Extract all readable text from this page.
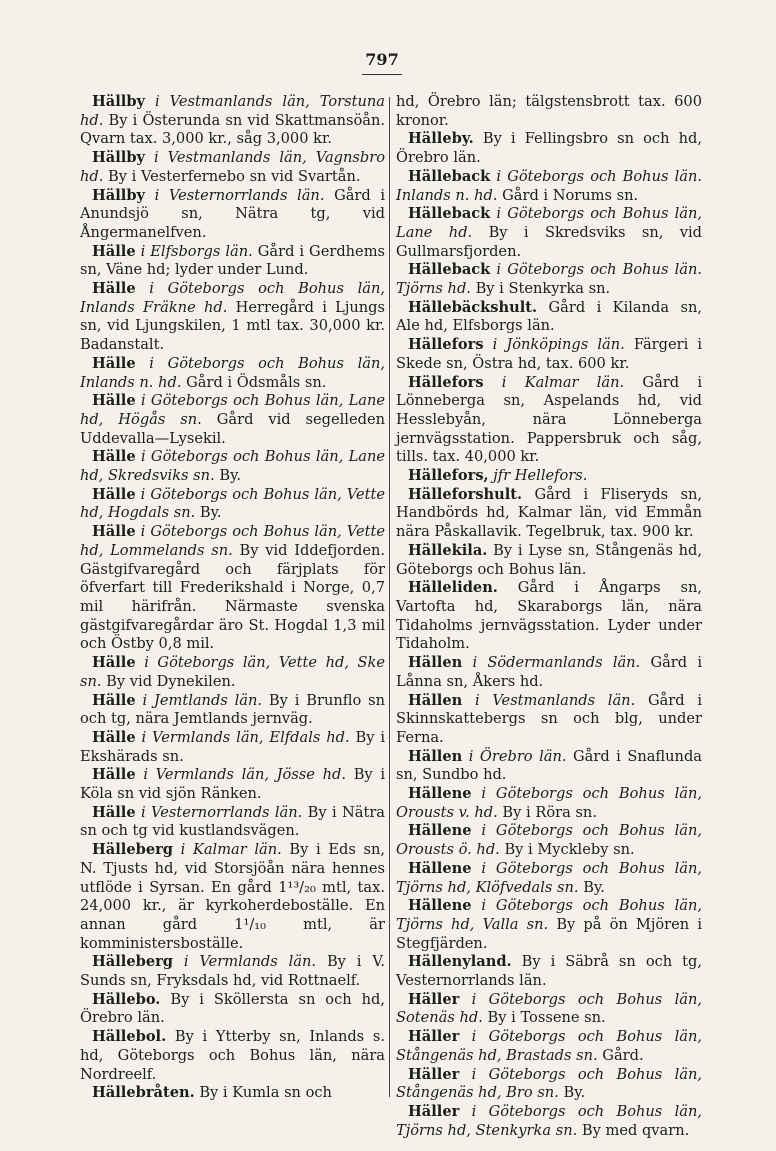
797
Hällby i Vestmanlands län, Torstuna hd. By i Österunda sn vid Skattmansöån. Qvarn tax. 3,000 kr., såg 3,000 kr.
Hällby i Vestmanlands län, Vagnsbro hd. By i Vesterfernebo sn vid Svartån.
Hällby i Vesternorrlands län. Gård i Anundsjö sn, Nätra tg, vid Ångermanelfven.
Hälle i Elfsborgs län. Gård i Gerdhems sn, Väne hd; lyder under Lund.
Hälle i Göteborgs och Bohus län, Inlands Fräkne hd. Herregård i Ljungs sn, vid Ljungskilen, 1 mtl tax. 30,000 kr. Badanstalt.
Hälle i Göteborgs och Bohus län, Inlands n. hd. Gård i Ödsmåls sn.
Hälle i Göteborgs och Bohus län, Lane hd, Högås sn. Gård vid segelleden Uddevalla—Lysekil.
Hälle i Göteborgs och Bohus län, Lane hd, Skredsviks sn. By.
Hälle i Göteborgs och Bohus län, Vette hd, Hogdals sn. By.
Hälle i Göteborgs och Bohus län, Vette hd, Lommelands sn. By vid Iddefjorden. Gästgifvaregård och färjplats för öfverfart till Frederikshald i Norge, 0,7 mil härifrån. Närmaste svenska gästgifvaregårdar äro St. Hogdal 1,3 mil och Östby 0,8 mil.
Hälle i Göteborgs län, Vette hd, Ske sn. By vid Dynekilen.
Hälle i Jemtlands län. By i Brunflo sn och tg, nära Jemtlands jernväg.
Hälle i Vermlands län, Elfdals hd. By i Ekshärads sn.
Hälle i Vermlands län, Jösse hd. By i Köla sn vid sjön Ränken.
Hälle i Vesternorrlands län. By i Nätra sn och tg vid kustlandsvägen.
Hälleberg i Kalmar län. By i Eds sn, N. Tjusts hd, vid Storsjöån nära hennes utflöde i Syrsan. En gård 1¹³/₂₀ mtl, tax. 24,000 kr., är kyrkoherdeboställe. En annan gård 1¹/₁₀ mtl, är komministersboställe.
Hälleberg i Vermlands län. By i V. Sunds sn, Fryksdals hd, vid Rottnaelf.
Hällebo. By i Sköllersta sn och hd, Örebro län.
Hällebol. By i Ytterby sn, Inlands s. hd, Göteborgs och Bohus län, nära Nordreelf.
Hällebråten. By i Kumla sn och
hd, Örebro län; tälgstensbrott tax. 600 kronor.
Hälleby. By i Fellingsbro sn och hd, Örebro län.
Hälleback i Göteborgs och Bohus län. Inlands n. hd. Gård i Norums sn.
Hälleback i Göteborgs och Bohus län, Lane hd. By i Skredsviks sn, vid Gullmarsfjorden.
Hälleback i Göteborgs och Bohus län. Tjörns hd. By i Stenkyrka sn.
Hällebäckshult. Gård i Kilanda sn, Ale hd, Elfsborgs län.
Hällefors i Jönköpings län. Färgeri i Skede sn, Östra hd, tax. 600 kr.
Hällefors i Kalmar län. Gård i Lönneberga sn, Aspelands hd, vid Hesslebyån, nära Lönneberga jernvägsstation. Pappersbruk och såg, tills. tax. 40,000 kr.
Hällefors, jfr Hellefors.
Hälleforshult. Gård i Fliseryds sn, Handbörds hd, Kalmar län, vid Emmån nära Påskallavik. Tegelbruk, tax. 900 kr.
Hällekila. By i Lyse sn, Stångenäs hd, Göteborgs och Bohus län.
Hälleliden. Gård i Ångarps sn, Vartofta hd, Skaraborgs län, nära Tidaholms jernvägsstation. Lyder under Tidaholm.
Hällen i Södermanlands län. Gård i Lånna sn, Åkers hd.
Hällen i Vestmanlands län. Gård i Skinnskattebergs sn och blg, under Ferna.
Hällen i Örebro län. Gård i Snaflunda sn, Sundbo hd.
Hällene i Göteborgs och Bohus län, Orousts v. hd. By i Röra sn.
Hällene i Göteborgs och Bohus län, Orousts ö. hd. By i Myckleby sn.
Hällene i Göteborgs och Bohus län, Tjörns hd, Klöfvedals sn. By.
Hällene i Göteborgs och Bohus län, Tjörns hd, Valla sn. By på ön Mjören i Stegfjärden.
Hällenyland. By i Säbrå sn och tg, Vesternorrlands län.
Häller i Göteborgs och Bohus län, Sotenäs hd. By i Tossene sn.
Häller i Göteborgs och Bohus län, Stångenäs hd, Brastads sn. Gård.
Häller i Göteborgs och Bohus län, Stångenäs hd, Bro sn. By.
Häller i Göteborgs och Bohus län, Tjörns hd, Stenkyrka sn. By med qvarn.
